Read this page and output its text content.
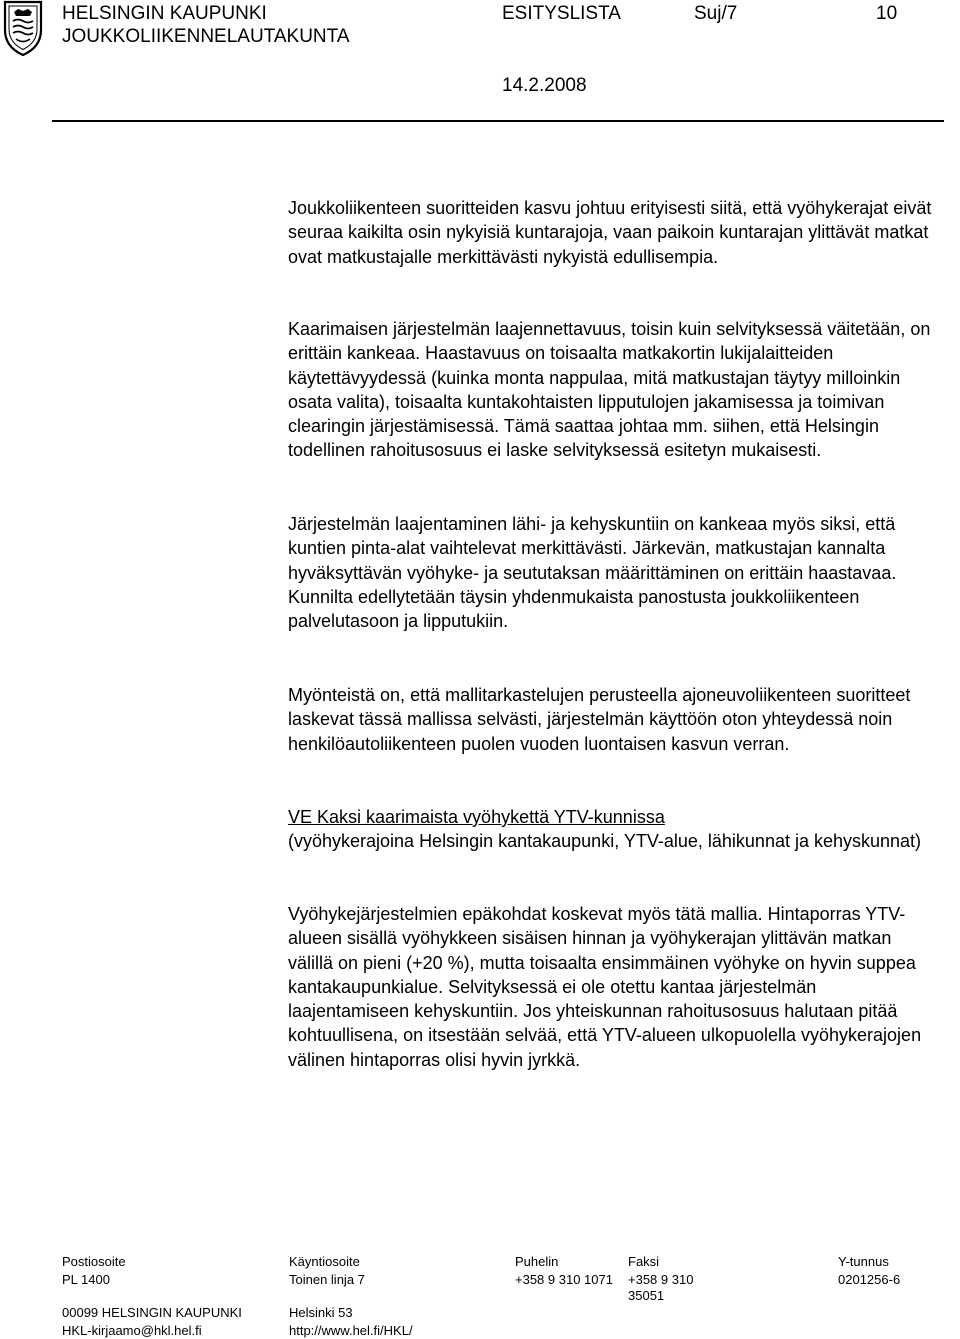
HELSINGIN KAUPUNKI
JOUKKOLIIKENNELAUTAKUNTA
ESITYSLISTA	Suj/7	10
14.2.2008

Joukkoliikenteen suoritteiden kasvu johtuu erityisesti siitä, että vyöhykerajat eivät seuraa kaikilta osin nykyisiä kuntarajoja, vaan paikoin kuntarajan ylittävät matkat ovat matkustajalle merkittävästi nykyistä edullisempia.

Kaarimaisen järjestelmän laajennettavuus, toisin kuin selvityksessä väitetään, on erittäin kankeaa. Haastavuus on toisaalta matkakortin lukijalaitteiden käytettävyydessä (kuinka monta nappulaa, mitä matkustajan täytyy milloinkin osata valita), toisaalta kuntakohtaisten lipputulojen jakamisessa ja toimivan clearingin järjestämisessä. Tämä saattaa johtaa mm. siihen, että Helsingin todellinen rahoitusosuus ei laske selvityksessä esitetyn mukaisesti.

Järjestelmän laajentaminen lähi- ja kehyskuntiin on kankeaa myös siksi, että kuntien pinta-alat vaihtelevat merkittävästi. Järkevän, matkustajan kannalta hyväksyttävän vyöhyke- ja seututaksan määrittäminen on erittäin haastavaa. Kunnilta edellytetään täysin yhdenmukaista panostusta joukkoliikenteen palvelutasoon ja lipputukiin.

Myönteistä on, että mallitarkastelujen perusteella ajoneuvoliikenteen suoritteet laskevat tässä mallissa selvästi, järjestelmän käyttöön oton yhteydessä noin henkilöautoliikenteen puolen vuoden luontaisen kasvun verran.

VE Kaksi kaarimaista vyöhykettä YTV-kunnissa

(vyöhykerajoina Helsingin kantakaupunki, YTV-alue, lähikunnat ja kehyskunnat)

Vyöhykejärjestelmien epäkohdat koskevat myös tätä mallia. Hintaporras YTV-alueen sisällä vyöhykkeen sisäisen hinnan ja vyöhykerajan ylittävän matkan välillä on pieni (+20 %), mutta toisaalta ensimmäinen vyöhyke on hyvin suppea kantakaupunkialue. Selvityksessä ei ole otettu kantaa järjestelmän laajentamiseen kehyskuntiin. Jos yhteiskunnan rahoitusosuus halutaan pitää kohtuullisena, on itsestään selvää, että YTV-alueen ulkopuolella vyöhykerajojen välinen hintaporras olisi hyvin jyrkkä.

Postiosoite
PL 1400
00099 HELSINGIN KAUPUNKI
HKL-kirjaamo@hkl.hel.fi
Käyntiosoite
Toinen linja 7
Helsinki 53
http://www.hel.fi/HKL/
Puhelin
+358 9 310 1071
Faksi
+358 9 310
35051
Y-tunnus
0201256-6
